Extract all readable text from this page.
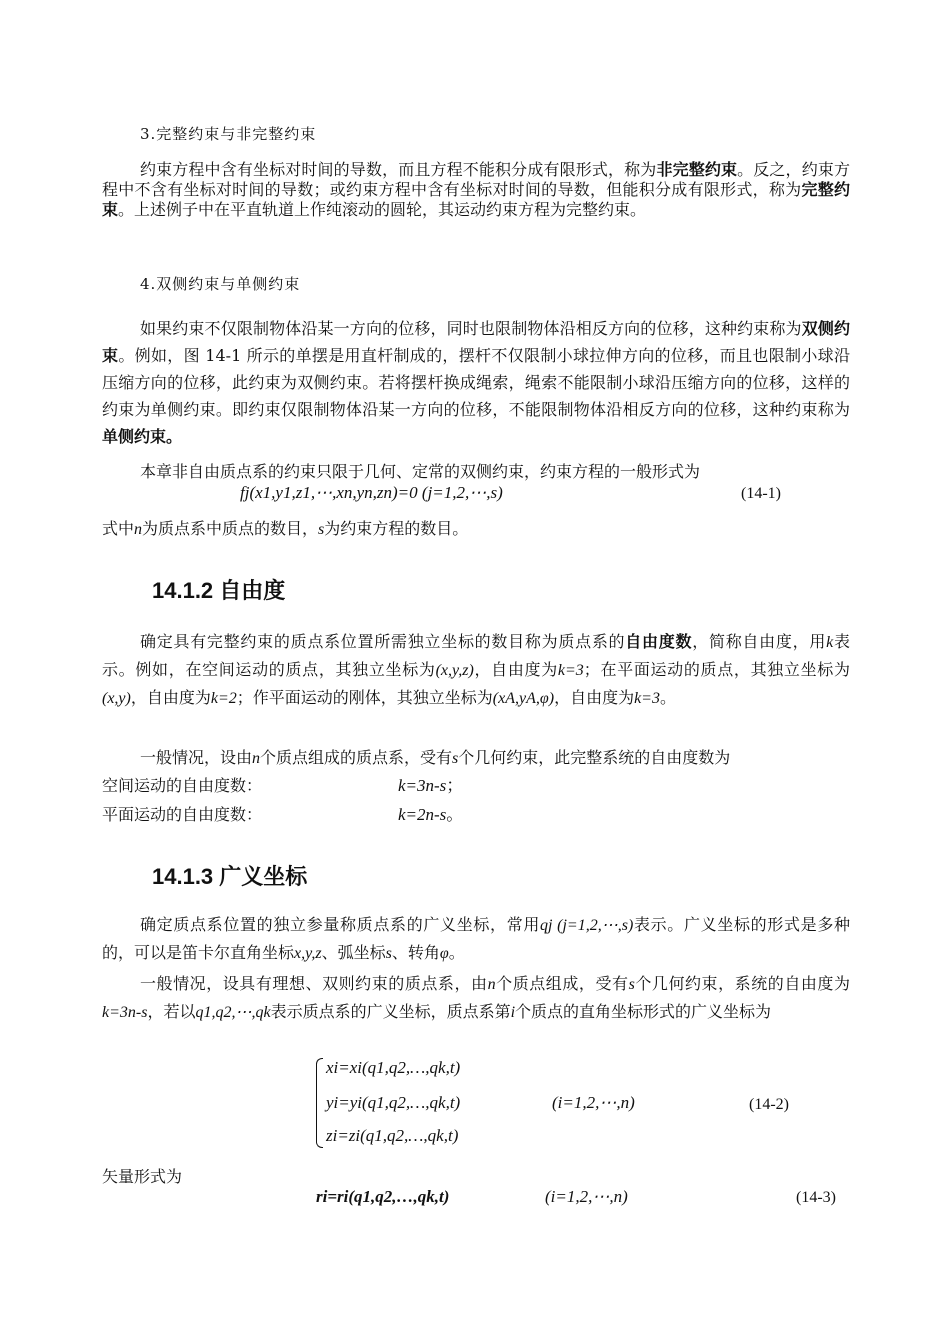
3.完整约束与非完整约束
约束方程中含有坐标对时间的导数，而且方程不能积分成有限形式，称为非完整约束。反之，约束方程中不含有坐标对时间的导数；或约束方程中含有坐标对时间的导数，但能积分成有限形式，称为完整约束。上述例子中在平直轨道上作纯滚动的圆轮，其运动约束方程为完整约束。
4.双侧约束与单侧约束
如果约束不仅限制物体沿某一方向的位移，同时也限制物体沿相反方向的位移，这种约束称为双侧约束。例如，图 14-1 所示的单摆是用直杆制成的，摆杆不仅限制小球拉伸方向的位移，而且也限制小球沿压缩方向的位移，此约束为双侧约束。若将摆杆换成绳索，绳索不能限制小球沿压缩方向的位移，这样的约束为单侧约束。即约束仅限制物体沿某一方向的位移，不能限制物体沿相反方向的位移，这种约束称为单侧约束。
本章非自由质点系的约束只限于几何、定常的双侧约束，约束方程的一般形式为
fj(x1,y1,z1,⋯,xn,yn,zn)=0 (j=1,2,⋯,s)	(14-1)
式中n为质点系中质点的数目，s为约束方程的数目。
14.1.2 自由度
确定具有完整约束的质点系位置所需独立坐标的数目称为质点系的自由度数，简称自由度，用k表示。例如，在空间运动的质点，其独立坐标为(x,y,z)，自由度为k=3；在平面运动的质点，其独立坐标为(x,y)，自由度为k=2；作平面运动的刚体，其独立坐标为(xA,yA,φ)，自由度为k=3。
一般情况，设由n个质点组成的质点系，受有s个几何约束，此完整系统的自由度数为
空间运动的自由度数：	k=3n-s；
平面运动的自由度数：	k=2n-s。
14.1.3 广义坐标
确定质点系位置的独立参量称质点系的广义坐标，常用qj (j=1,2,⋯,s)表示。广义坐标的形式是多种的，可以是笛卡尔直角坐标x,y,z、弧坐标s、转角φ。
一般情况，设具有理想、双则约束的质点系，由n个质点组成，受有s个几何约束，系统的自由度为k=3n-s，若以q1,q2,⋯,qk表示质点系的广义坐标，质点系第i个质点的直角坐标形式的广义坐标为
xi=xi(q1,q2,…,qk,t)
yi=yi(q1,q2,…,qk,t)
zi=zi(q1,q2,…,qk,t)
(i=1,2,⋯,n)	(14-2)
矢量形式为
ri=ri(q1,q2,…,qk,t)	(i=1,2,⋯,n)	(14-3)
